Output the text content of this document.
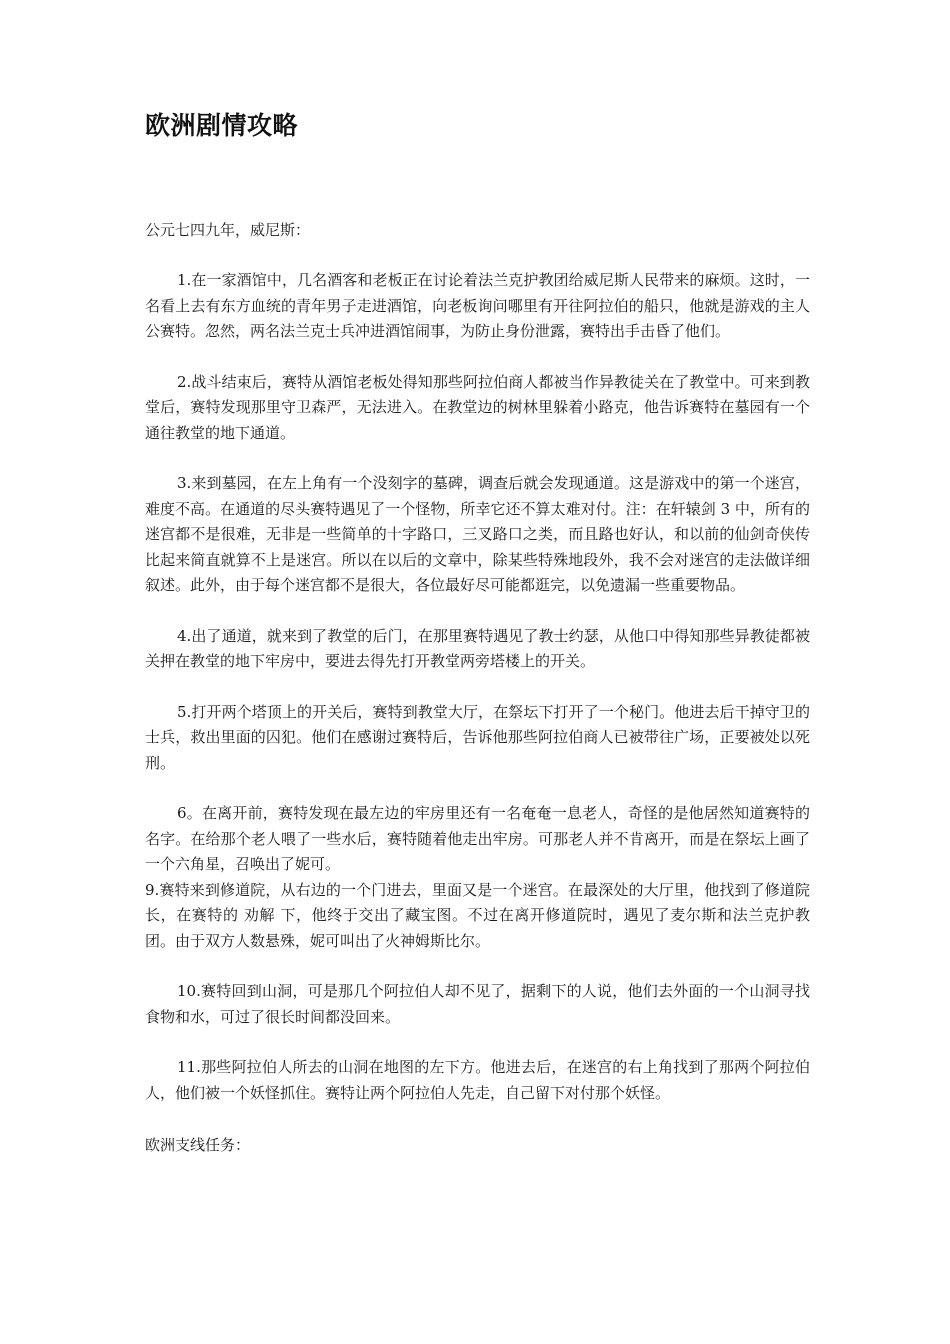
欧洲剧情攻略

公元七四九年，威尼斯：

1.在一家酒馆中，几名酒客和老板正在讨论着法兰克护教团给威尼斯人民带来的麻烦。这时，一名看上去有东方血统的青年男子走进酒馆，向老板询问哪里有开往阿拉伯的船只，他就是游戏的主人公赛特。忽然，两名法兰克士兵冲进酒馆闹事，为防止身份泄露，赛特出手击昏了他们。

2.战斗结束后，赛特从酒馆老板处得知那些阿拉伯商人都被当作异教徒关在了教堂中。可来到教堂后，赛特发现那里守卫森严，无法进入。在教堂边的树林里躲着小路克，他告诉赛特在墓园有一个通往教堂的地下通道。

3.来到墓园，在左上角有一个没刻字的墓碑，调查后就会发现通道。这是游戏中的第一个迷宫，难度不高。在通道的尽头赛特遇见了一个怪物，所幸它还不算太难对付。注：在轩辕剑 3 中，所有的迷宫都不是很难，无非是一些简单的十字路口，三叉路口之类，而且路也好认，和以前的仙剑奇侠传比起来简直就算不上是迷宫。所以在以后的文章中，除某些特殊地段外，我不会对迷宫的走法做详细叙述。此外，由于每个迷宫都不是很大，各位最好尽可能都逛完，以免遗漏一些重要物品。

4.出了通道，就来到了教堂的后门，在那里赛特遇见了教士约瑟，从他口中得知那些异教徒都被关押在教堂的地下牢房中，要进去得先打开教堂两旁塔楼上的开关。

5.打开两个塔顶上的开关后，赛特到教堂大厅，在祭坛下打开了一个秘门。他进去后干掉守卫的士兵，救出里面的囚犯。他们在感谢过赛特后，告诉他那些阿拉伯商人已被带往广场，正要被处以死刑。

6。在离开前，赛特发现在最左边的牢房里还有一名奄奄一息老人，奇怪的是他居然知道赛特的名字。在给那个老人喂了一些水后，赛特随着他走出牢房。可那老人并不肯离开，而是在祭坛上画了一个六角星，召唤出了妮可。

9.赛特来到修道院，从右边的一个门进去，里面又是一个迷宫。在最深处的大厅里，他找到了修道院长，在赛特的 劝解 下，他终于交出了藏宝图。不过在离开修道院时，遇见了麦尔斯和法兰克护教团。由于双方人数悬殊，妮可叫出了火神姆斯比尔。

10.赛特回到山洞，可是那几个阿拉伯人却不见了，据剩下的人说，他们去外面的一个山洞寻找食物和水，可过了很长时间都没回来。

11.那些阿拉伯人所去的山洞在地图的左下方。他进去后，在迷宫的右上角找到了那两个阿拉伯人，他们被一个妖怪抓住。赛特让两个阿拉伯人先走，自己留下对付那个妖怪。

欧洲支线任务：
